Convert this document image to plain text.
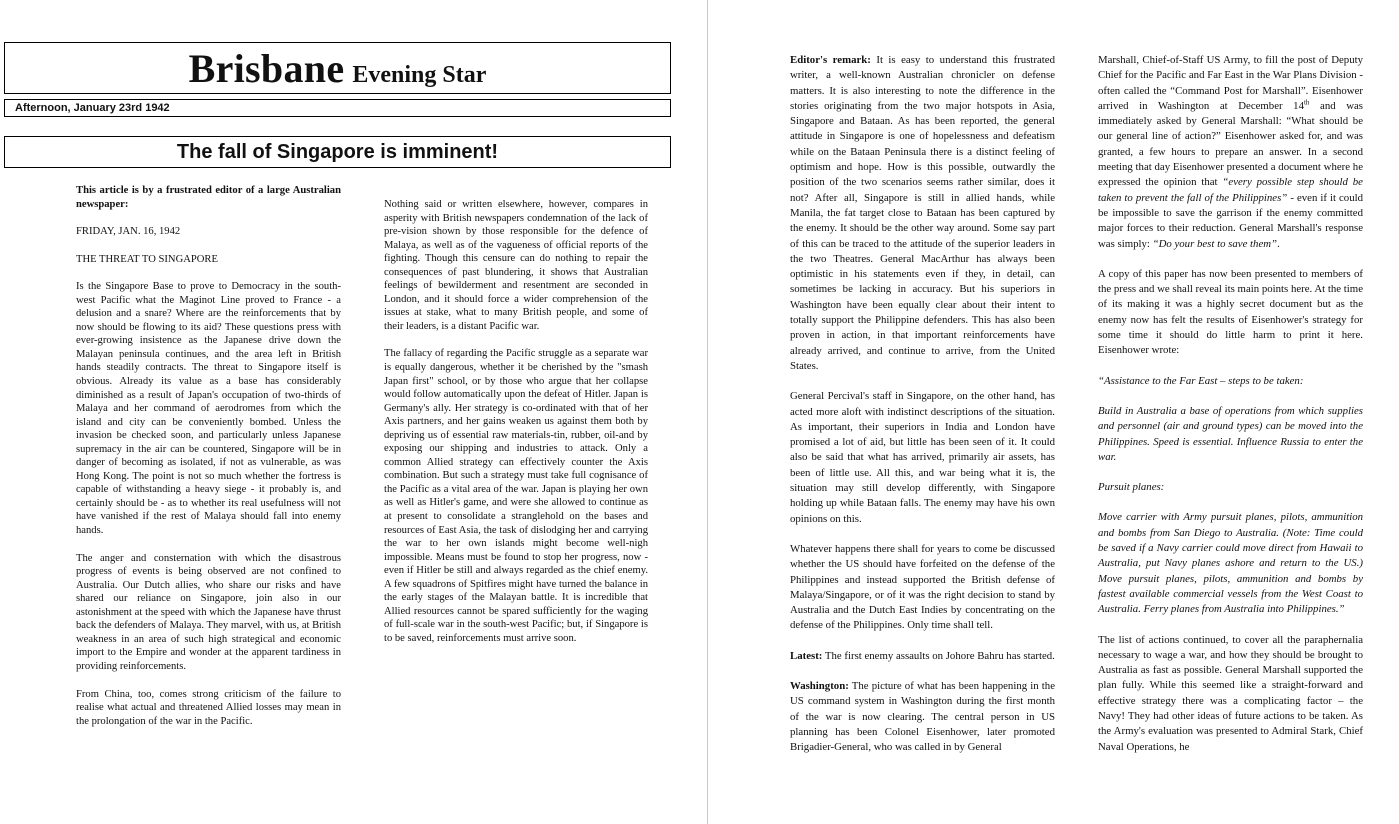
Brisbane Evening Star
Afternoon, January 23rd 1942
The fall of Singapore is imminent!

This article is by a frustrated editor of a large Australian newspaper:

FRIDAY, JAN. 16, 1942

THE THREAT TO SINGAPORE

Is the Singapore Base to prove to Democracy in the south-west Pacific what the Maginot Line proved to France - a delusion and a snare? Where are the reinforcements that by now should be flowing to its aid? These questions press with ever-growing insistence as the Japanese drive down the Malayan peninsula continues, and the area left in British hands steadily contracts. The threat to Singapore itself is obvious. Already its value as a base has considerably diminished as a result of Japan's occupation of two-thirds of Malaya and her command of aerodromes from which the island and city can be conveniently bombed. Unless the invasion be checked soon, and particularly unless Japanese supremacy in the air can be countered, Singapore will be in danger of becoming as isolated, if not as vulnerable, as was Hong Kong. The point is not so much whether the fortress is capable of withstanding a heavy siege - it probably is, and certainly should be - as to whether its real usefulness will not have vanished if the rest of Malaya should fall into enemy hands.

The anger and consternation with which the disastrous progress of events is being observed are not confined to Australia. Our Dutch allies, who share our risks and have shared our reliance on Singapore, join also in our astonishment at the speed with which the Japanese have thrust back the defenders of Malaya. They marvel, with us, at British weakness in an area of such high strategical and economic import to the Empire and wonder at the apparent tardiness in providing reinforcements.

From China, too, comes strong criticism of the failure to realise what actual and threatened Allied losses may mean in the prolongation of the war in the Pacific.

Nothing said or written elsewhere, however, compares in asperity with British newspapers condemnation of the lack of pre-vision shown by those responsible for the defence of Malaya, as well as of the vagueness of official reports of the fighting. Though this censure can do nothing to repair the consequences of past blundering, it shows that Australian feelings of bewilderment and resentment are seconded in London, and it should force a wider comprehension of the issues at stake, what to many British people, and some of their leaders, is a distant Pacific war.

The fallacy of regarding the Pacific struggle as a separate war is equally dangerous, whether it be cherished by the "smash Japan first" school, or by those who argue that her collapse would follow automatically upon the defeat of Hitler. Japan is Germany's ally. Her strategy is co-ordinated with that of her Axis partners, and her gains weaken us against them both by depriving us of essential raw materials-tin, rubber, oil-and by exposing our shipping and industries to attack. Only a common Allied strategy can effectively counter the Axis combination. But such a strategy must take full cognisance of the Pacific as a vital area of the war. Japan is playing her own as well as Hitler's game, and were she allowed to continue as at present to consolidate a stranglehold on the bases and resources of East Asia, the task of dislodging her and carrying the war to her own islands might become well-nigh impossible. Means must be found to stop her progress, now - even if Hitler be still and always regarded as the chief enemy. A few squadrons of Spitfires might have turned the balance in the early stages of the Malayan battle. It is incredible that Allied resources cannot be spared sufficiently for the waging of full-scale war in the south-west Pacific; but, if Singapore is to be saved, reinforcements must arrive soon.

Editor's remark: It is easy to understand this frustrated writer, a well-known Australian chronicler on defense matters. It is also interesting to note the difference in the stories originating from the two major hotspots in Asia, Singapore and Bataan. As has been reported, the general attitude in Singapore is one of hopelessness and defeatism while on the Bataan Peninsula there is a distinct feeling of optimism and hope. How is this possible, outwardly the position of the two scenarios seems rather similar, does it not? After all, Singapore is still in allied hands, while Manila, the fat target close to Bataan has been captured by the enemy. It should be the other way around. Some say part of this can be traced to the attitude of the superior leaders in the two Theatres. General MacArthur has always been optimistic in his statements even if they, in detail, can sometimes be lacking in accuracy. But his superiors in Washington have been equally clear about their intent to totally support the Philippine defenders. This has also been proven in action, in that important reinforcements have already arrived, and continue to arrive, from the United States.

General Percival's staff in Singapore, on the other hand, has acted more aloft with indistinct descriptions of the situation. As important, their superiors in India and London have promised a lot of aid, but little has been seen of it. It could also be said that what has arrived, primarily air assets, has been of little use. All this, and war being what it is, the situation may still develop differently, with Singapore holding up while Bataan falls. The enemy may have his own opinions on this.

Whatever happens there shall for years to come be discussed whether the US should have forfeited on the defense of the Philippines and instead supported the British defense of Malaya/Singapore, or of it was the right decision to stand by Australia and the Dutch East Indies by concentrating on the defense of the Philippines. Only time shall tell.

Latest: The first enemy assaults on Johore Bahru has started.

Washington: The picture of what has been happening in the US command system in Washington during the first month of the war is now clearing. The central person in US planning has been Colonel Eisenhower, later promoted Brigadier-General, who was called in by General

Marshall, Chief-of-Staff US Army, to fill the post of Deputy Chief for the Pacific and Far East in the War Plans Division - often called the “Command Post for Marshall”. Eisenhower arrived in Washington at December 14th and was immediately asked by General Marshall: “What should be our general line of action?” Eisenhower asked for, and was granted, a few hours to prepare an answer. In a second meeting that day Eisenhower presented a document where he expressed the opinion that “every possible step should be taken to prevent the fall of the Philippines” - even if it could be impossible to save the garrison if the enemy committed major forces to their reduction. General Marshall's response was simply: “Do your best to save them”.

A copy of this paper has now been presented to members of the press and we shall reveal its main points here. At the time of its making it was a highly secret document but as the enemy now has felt the results of Eisenhower's strategy for some time it should do little harm to print it here. Eisenhower wrote:

“Assistance to the Far East – steps to be taken:

Build in Australia a base of operations from which supplies and personnel (air and ground types) can be moved into the Philippines. Speed is essential. Influence Russia to enter the war.

Pursuit planes:

Move carrier with Army pursuit planes, pilots, ammunition and bombs from San Diego to Australia. (Note: Time could be saved if a Navy carrier could move direct from Hawaii to Australia, put Navy planes ashore and return to the US.) Move pursuit planes, pilots, ammunition and bombs by fastest available commercial vessels from the West Coast to Australia. Ferry planes from Australia into Philippines.”

The list of actions continued, to cover all the paraphernalia necessary to wage a war, and how they should be brought to Australia as fast as possible. General Marshall supported the plan fully. While this seemed like a straight-forward and effective strategy there was a complicating factor – the Navy! They had other ideas of future actions to be taken. As the Army's evaluation was presented to Admiral Stark, Chief Naval Operations, he
